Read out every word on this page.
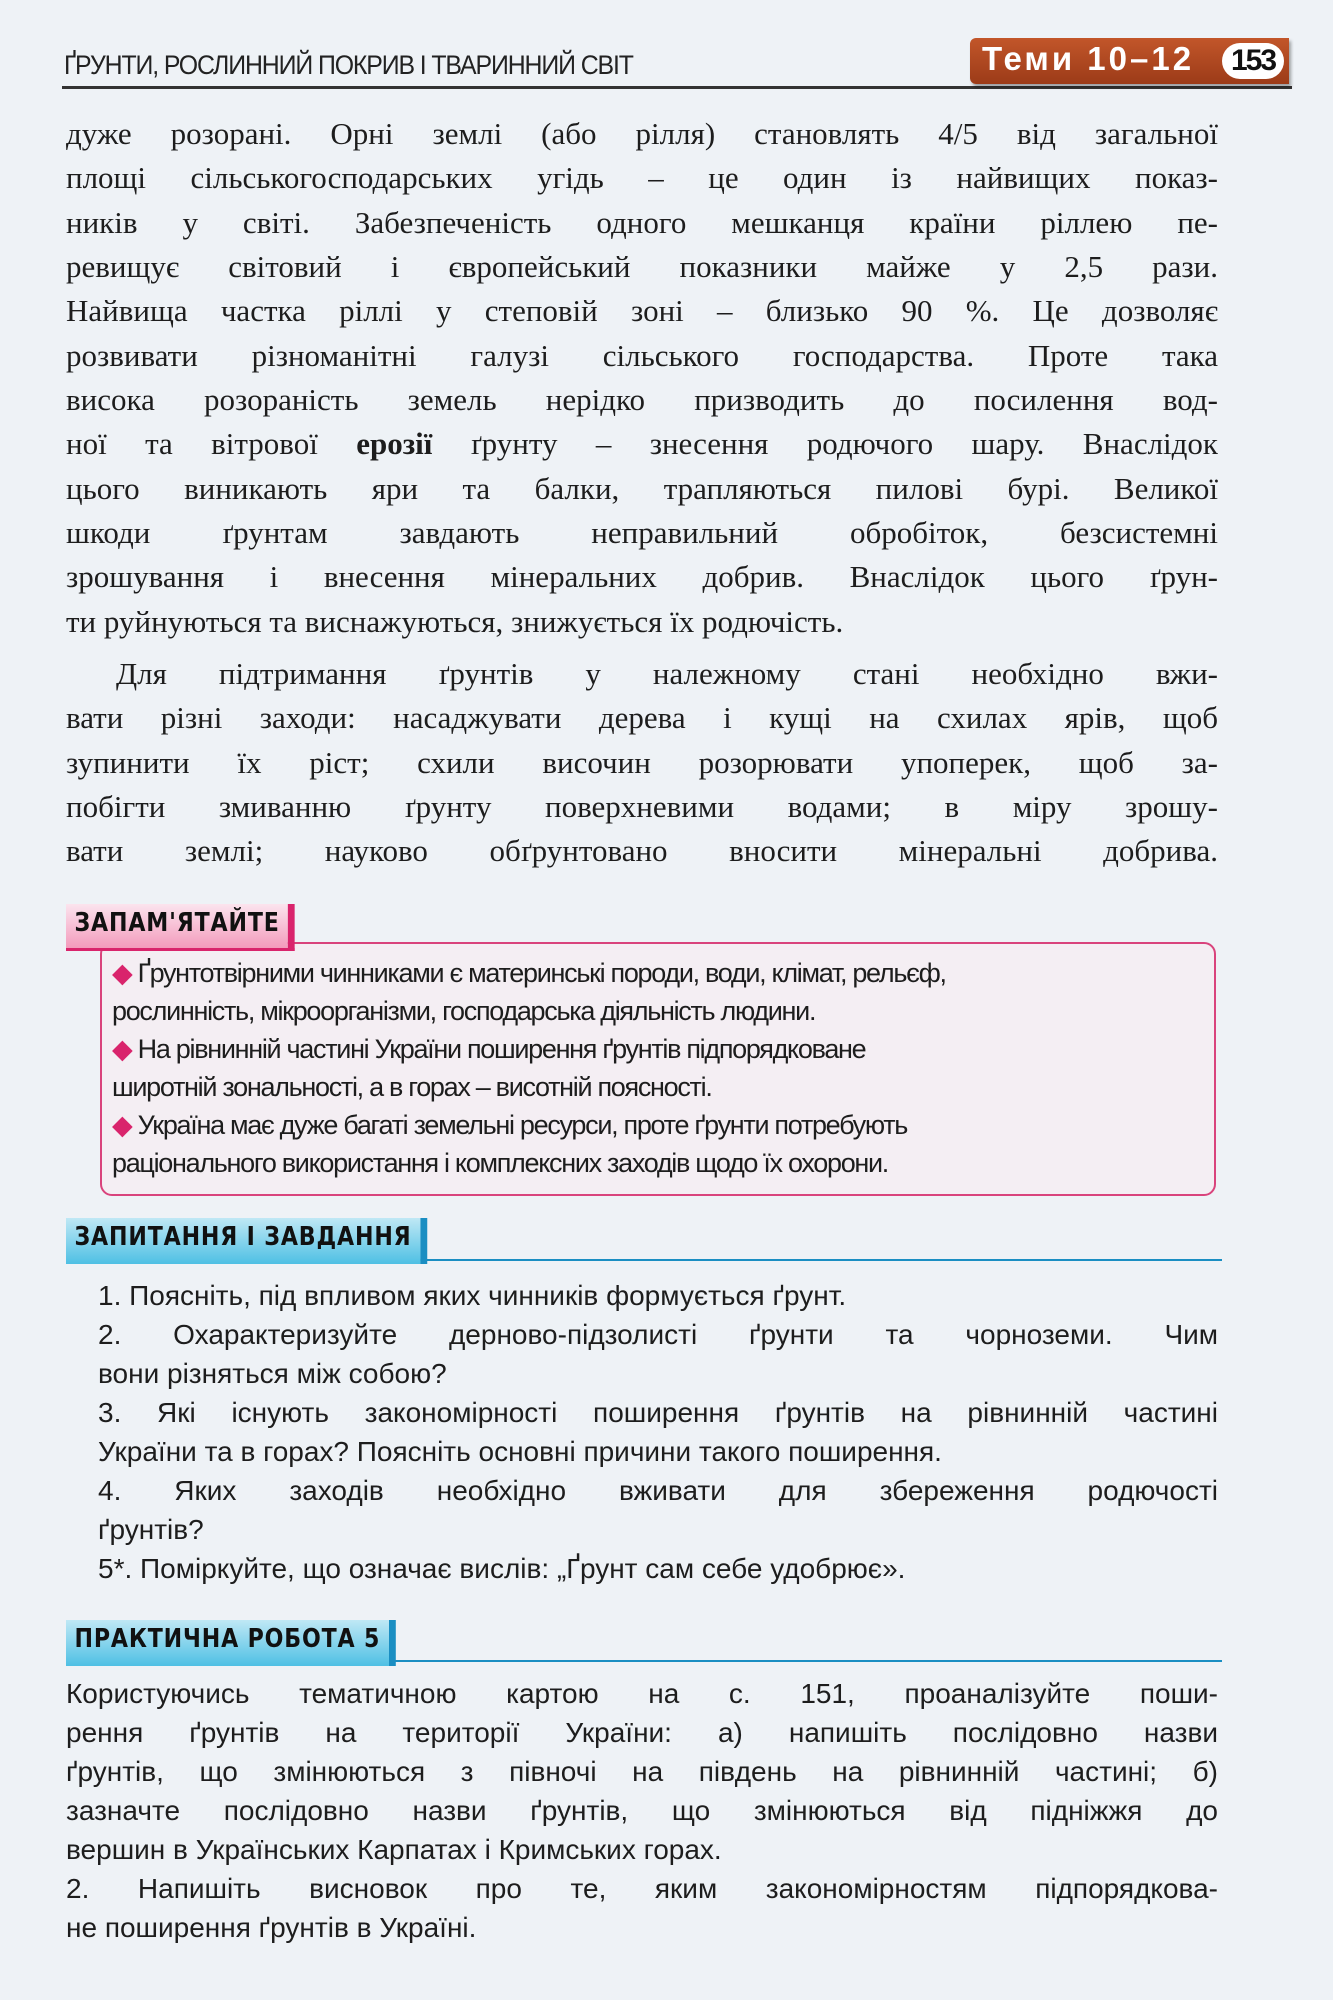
ҐРУНТИ, РОСЛИННИЙ ПОКРИВ І ТВАРИННИЙ СВІТ	Теми 10–12 153
дуже розорані. Орні землі (або рілля) становлять 4/5 від загальної
площі сільськогосподарських угідь – це один із найвищих показ-
ників у світі. Забезпеченість одного мешканця країни ріллею пе-
ревищує світовий і європейський показники майже у 2,5 рази.
Найвища частка ріллі у степовій зоні – близько 90 %. Це дозволяє
розвивати різноманітні галузі сільського господарства. Проте така
висока розораність земель нерідко призводить до посилення вод-
ної та вітрової ерозії ґрунту – знесення родючого шару. Внаслідок
цього виникають яри та балки, трапляються пилові бурі. Великої
шкоди ґрунтам завдають неправильний обробіток, безсистемні
зрошування і внесення мінеральних добрив. Внаслідок цього ґрун-
ти руйнуються та виснажуються, знижується їх родючість.
Для підтримання ґрунтів у належному стані необхідно вжи-
вати різні заходи: насаджувати дерева і кущі на схилах ярів, щоб
зупинити їх ріст; схили височин розорювати упоперек, щоб за-
побігти змиванню ґрунту поверхневими водами; в міру зрошу-
вати землі; науково обґрунтовано вносити мінеральні добрива.
ЗАПАМ'ЯТАЙТЕ
◆ Ґрунтотвірними чинниками є материнські породи, води, клімат, рельєф,
рослинність, мікроорганізми, господарська діяльність людини.
◆ На рівнинній частині України поширення ґрунтів підпорядковане
широтній зональності, а в горах – висотній поясності.
◆ Україна має дуже багаті земельні ресурси, проте ґрунти потребують
раціонального використання і комплексних заходів щодо їх охорони.
ЗАПИТАННЯ І ЗАВДАННЯ
1. Поясніть, під впливом яких чинників формується ґрунт.
2. Охарактеризуйте дерново-підзолисті ґрунти та чорноземи. Чим
вони різняться між собою?
3. Які існують закономірності поширення ґрунтів на рівнинній частині
України та в горах? Поясніть основні причини такого поширення.
4. Яких заходів необхідно вживати для збереження родючості
ґрунтів?
5*. Поміркуйте, що означає вислів: „Ґрунт сам себе удобрює».
ПРАКТИЧНА РОБОТА 5
Користуючись тематичною картою на с. 151, проаналізуйте поши-
рення ґрунтів на території України: а) напишіть послідовно назви
ґрунтів, що змінюються з півночі на південь на рівнинній частині; б)
зазначте послідовно назви ґрунтів, що змінюються від підніжжя до
вершин в Українських Карпатах і Кримських горах.
2. Напишіть висновок про те, яким закономірностям підпорядкова-
не поширення ґрунтів в Україні.
